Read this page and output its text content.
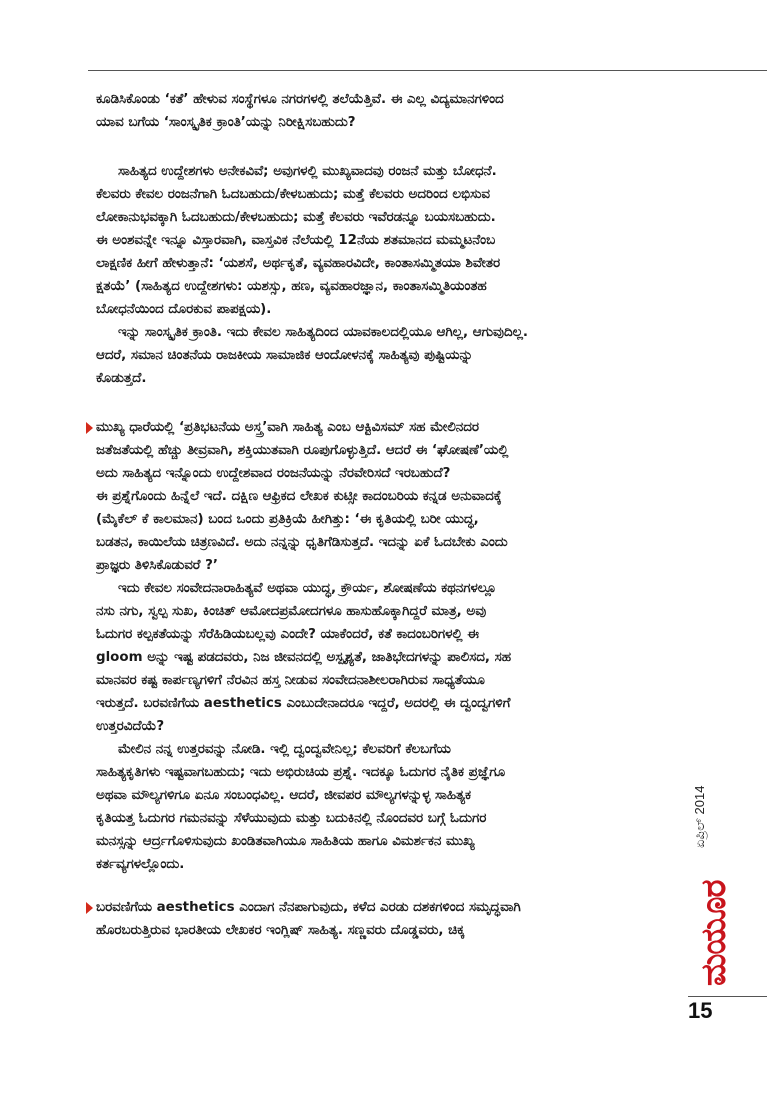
ಕೂಡಿಸಿಕೊಂಡು ‘ಕತೆ’ ಹೇಳುವ ಸಂಸ್ಥೆಗಳೂ ನಗರಗಳಲ್ಲಿ ತಲೆಯೆತ್ತಿವೆ. ಈ ಎಲ್ಲ ವಿದ್ಯಮಾನಗಳಿಂದ
ಯಾವ ಬಗೆಯ ‘ಸಾಂಸ್ಕೃತಿಕ ಕ್ರಾಂತಿ’ಯನ್ನು ನಿರೀಕ್ಷಿಸಬಹುದು?

ಸಾಹಿತ್ಯದ ಉದ್ದೇಶಗಳು ಅನೇಕವಿವೆ; ಅವುಗಳಲ್ಲಿ ಮುಖ್ಯವಾದವು ರಂಜನೆ ಮತ್ತು ಬೋಧನೆ.
ಕೆಲವರು ಕೇವಲ ರಂಜನೆಗಾಗಿ ಓದಬಹುದು/ಕೇಳಬಹುದು; ಮತ್ತೆ ಕೆಲವರು ಅದರಿಂದ ಲಭಿಸುವ
ಲೋಕಾನುಭವಕ್ಕಾಗಿ ಓದಬಹುದು/ಕೇಳಬಹುದು; ಮತ್ತೆ ಕೆಲವರು ಇವೆರಡನ್ನೂ ಬಯಸಬಹುದು.
ಈ ಅಂಶವನ್ನೇ ಇನ್ನೂ ವಿಸ್ತಾರವಾಗಿ, ವಾಸ್ತವಿಕ ನೆಲೆಯಲ್ಲಿ 12ನೆಯ ಶತಮಾನದ ಮಮ್ಮಟನೆಂಬ
ಲಾಕ್ಷಣಿಕ ಹೀಗೆ ಹೇಳುತ್ತಾನೆ: ‘ಯಶಸೆ, ಅರ್ಥಕೃತೆ, ವ್ಯವಹಾರವಿದೇ, ಕಾಂತಾಸಮ್ಮಿತಯಾ ಶಿವೇತರ
ಕ್ಷತಯೆ’ (ಸಾಹಿತ್ಯದ ಉದ್ದೇಶಗಳು: ಯಶಸ್ಸು, ಹಣ, ವ್ಯವಹಾರಜ್ಞಾನ, ಕಾಂತಾಸಮ್ಮಿತಿಯಂತಹ
ಬೋಧನೆಯಿಂದ ದೊರಕುವ ಪಾಪಕ್ಷಯ).

ಇನ್ನು ಸಾಂಸ್ಕೃತಿಕ ಕ್ರಾಂತಿ. ಇದು ಕೇವಲ ಸಾಹಿತ್ಯದಿಂದ ಯಾವಕಾಲದಲ್ಲಿಯೂ ಆಗಿಲ್ಲ, ಆಗುವುದಿಲ್ಲ.
ಆದರೆ, ಸಮಾನ ಚಿಂತನೆಯ ರಾಜಕೀಯ ಸಾಮಾಜಿಕ ಆಂದೋಳನಕ್ಕೆ ಸಾಹಿತ್ಯವು ಪುಷ್ಟಿಯನ್ನು
ಕೊಡುತ್ತದೆ.

ಮುಖ್ಯ ಧಾರೆಯಲ್ಲಿ ‘ಪ್ರತಿಭಟನೆಯ ಅಸ್ತ್ರ’ವಾಗಿ ಸಾಹಿತ್ಯ ಎಂಬ ಆಕ್ಟಿವಿಸಮ್ ಸಹ ಮೇಲಿನದರ
ಜತೆಜತೆಯಲ್ಲಿ ಹೆಚ್ಚು ತೀವ್ರವಾಗಿ, ಶಕ್ತಿಯುತವಾಗಿ ರೂಪುಗೊಳ್ಳುತ್ತಿದೆ. ಆದರೆ ಈ ‘ಘೋಷಣೆ’ಯಲ್ಲಿ
ಅದು ಸಾಹಿತ್ಯದ ಇನ್ನೊಂದು ಉದ್ದೇಶವಾದ ರಂಜನೆಯನ್ನು ನೆರವೇರಿಸದೆ ಇರಬಹುದೆ?
ಈ ಪ್ರಶ್ನೆಗೊಂದು ಹಿನ್ನೆಲೆ ಇದೆ. ದಕ್ಷಿಣ ಆಫ್ರಿಕದ ಲೇಖಕ ಕುಟ್ಸೀ ಕಾದಂಬರಿಯ ಕನ್ನಡ ಅನುವಾದಕ್ಕೆ
(ಮೈಕೆಲ್ ಕೆ ಕಾಲಮಾನ) ಬಂದ ಒಂದು ಪ್ರತಿಕ್ರಿಯೆ ಹೀಗಿತ್ತು: ‘ಈ ಕೃತಿಯಲ್ಲಿ ಬರೀ ಯುದ್ಧ,
ಬಡತನ, ಕಾಯಿಲೆಯ ಚಿತ್ರಣವಿದೆ. ಅದು ನನ್ನನ್ನು ಧೃತಿಗೆಡಿಸುತ್ತದೆ. ಇದನ್ನು ಏಕೆ ಓದಬೇಕು ಎಂದು
ಪ್ರಾಜ್ಞರು ತಿಳಿಸಿಕೊಡುವರೆ ?’

ಇದು ಕೇವಲ ಸಂವೇದನಾರಾಹಿತ್ಯವೆ ಅಥವಾ ಯುದ್ಧ, ಕ್ರೌರ್ಯ, ಶೋಷಣೆಯ ಕಥನಗಳಲ್ಲೂ
ನಸು ನಗು, ಸ್ವಲ್ಪ ಸುಖ, ಕಿಂಚಿತ್ ಆಮೋದಪ್ರಮೋದಗಳೂ ಹಾಸುಹೊಕ್ಕಾಗಿದ್ದರೆ ಮಾತ್ರ, ಅವು
ಓದುಗರ ಕಲ್ಪಕತೆಯನ್ನು ಸೆರೆಹಿಡಿಯಬಲ್ಲವು ಎಂದೇ? ಯಾಕೆಂದರೆ, ಕತೆ ಕಾದಂಬರಿಗಳಲ್ಲಿ ಈ
gloom ಅನ್ನು ಇಷ್ಟ ಪಡದವರು, ನಿಜ ಜೀವನದಲ್ಲಿ ಅಸ್ಪೃಶ್ಯತೆ, ಜಾತಿಭೇದಗಳನ್ನು ಪಾಲಿಸದ, ಸಹ
ಮಾನವರ ಕಷ್ಟ ಕಾರ್ಪಣ್ಯಗಳಿಗೆ ನೆರವಿನ ಹಸ್ತ ನೀಡುವ ಸಂವೇದನಾಶೀಲರಾಗಿರುವ ಸಾಧ್ಯತೆಯೂ
ಇರುತ್ತದೆ. ಬರವಣಿಗೆಯ aesthetics ಎಂಬುದೇನಾದರೂ ಇದ್ದರೆ, ಅದರಲ್ಲಿ ಈ ದ್ವಂದ್ವಗಳಿಗೆ
ಉತ್ತರವಿದೆಯೆ?

ಮೇಲಿನ ನನ್ನ ಉತ್ತರವನ್ನು ನೋಡಿ. ಇಲ್ಲಿ ದ್ವಂದ್ವವೇನಿಲ್ಲ; ಕೆಲವರಿಗೆ ಕೆಲಬಗೆಯ
ಸಾಹಿತ್ಯಕೃತಿಗಳು ಇಷ್ಟವಾಗಬಹುದು; ಇದು ಅಭಿರುಚಿಯ ಪ್ರಶ್ನೆ. ಇದಕ್ಕೂ ಓದುಗರ ನೈತಿಕ ಪ್ರಜ್ಞೆಗೂ
ಅಥವಾ ಮೌಲ್ಯಗಳಿಗೂ ಏನೂ ಸಂಬಂಧವಿಲ್ಲ. ಆದರೆ, ಜೀವಪರ ಮೌಲ್ಯಗಳನ್ನುಳ್ಳ ಸಾಹಿತ್ಯಕ
ಕೃತಿಯತ್ತ ಓದುಗರ ಗಮನವನ್ನು ಸೆಳೆಯುವುದು ಮತ್ತು ಬದುಕಿನಲ್ಲಿ ನೊಂದವರ ಬಗ್ಗೆ ಓದುಗರ
ಮನಸ್ಸನ್ನು ಆರ್ದ್ರಗೊಳಿಸುವುದು ಖಂಡಿತವಾಗಿಯೂ ಸಾಹಿತಿಯ ಹಾಗೂ ವಿಮರ್ಶಕನ ಮುಖ್ಯ
ಕರ್ತವ್ಯಗಳಲ್ಲೊಂದು.

ಬರವಣಿಗೆಯ aesthetics ಎಂದಾಗ ನೆನಪಾಗುವುದು, ಕಳೆದ ಎರಡು ದಶಕಗಳಿಂದ ಸಮೃದ್ಧವಾಗಿ
ಹೊರಬರುತ್ತಿರುವ ಭಾರತೀಯ ಲೇಖಕರ ಇಂಗ್ಲಿಷ್ ಸಾಹಿತ್ಯ. ಸಣ್ಣವರು ದೊಡ್ಡವರು, ಚಿಕ್ಕ

ಏಪ್ರಿಲ್ 2014
ಮಯೂರ
15
